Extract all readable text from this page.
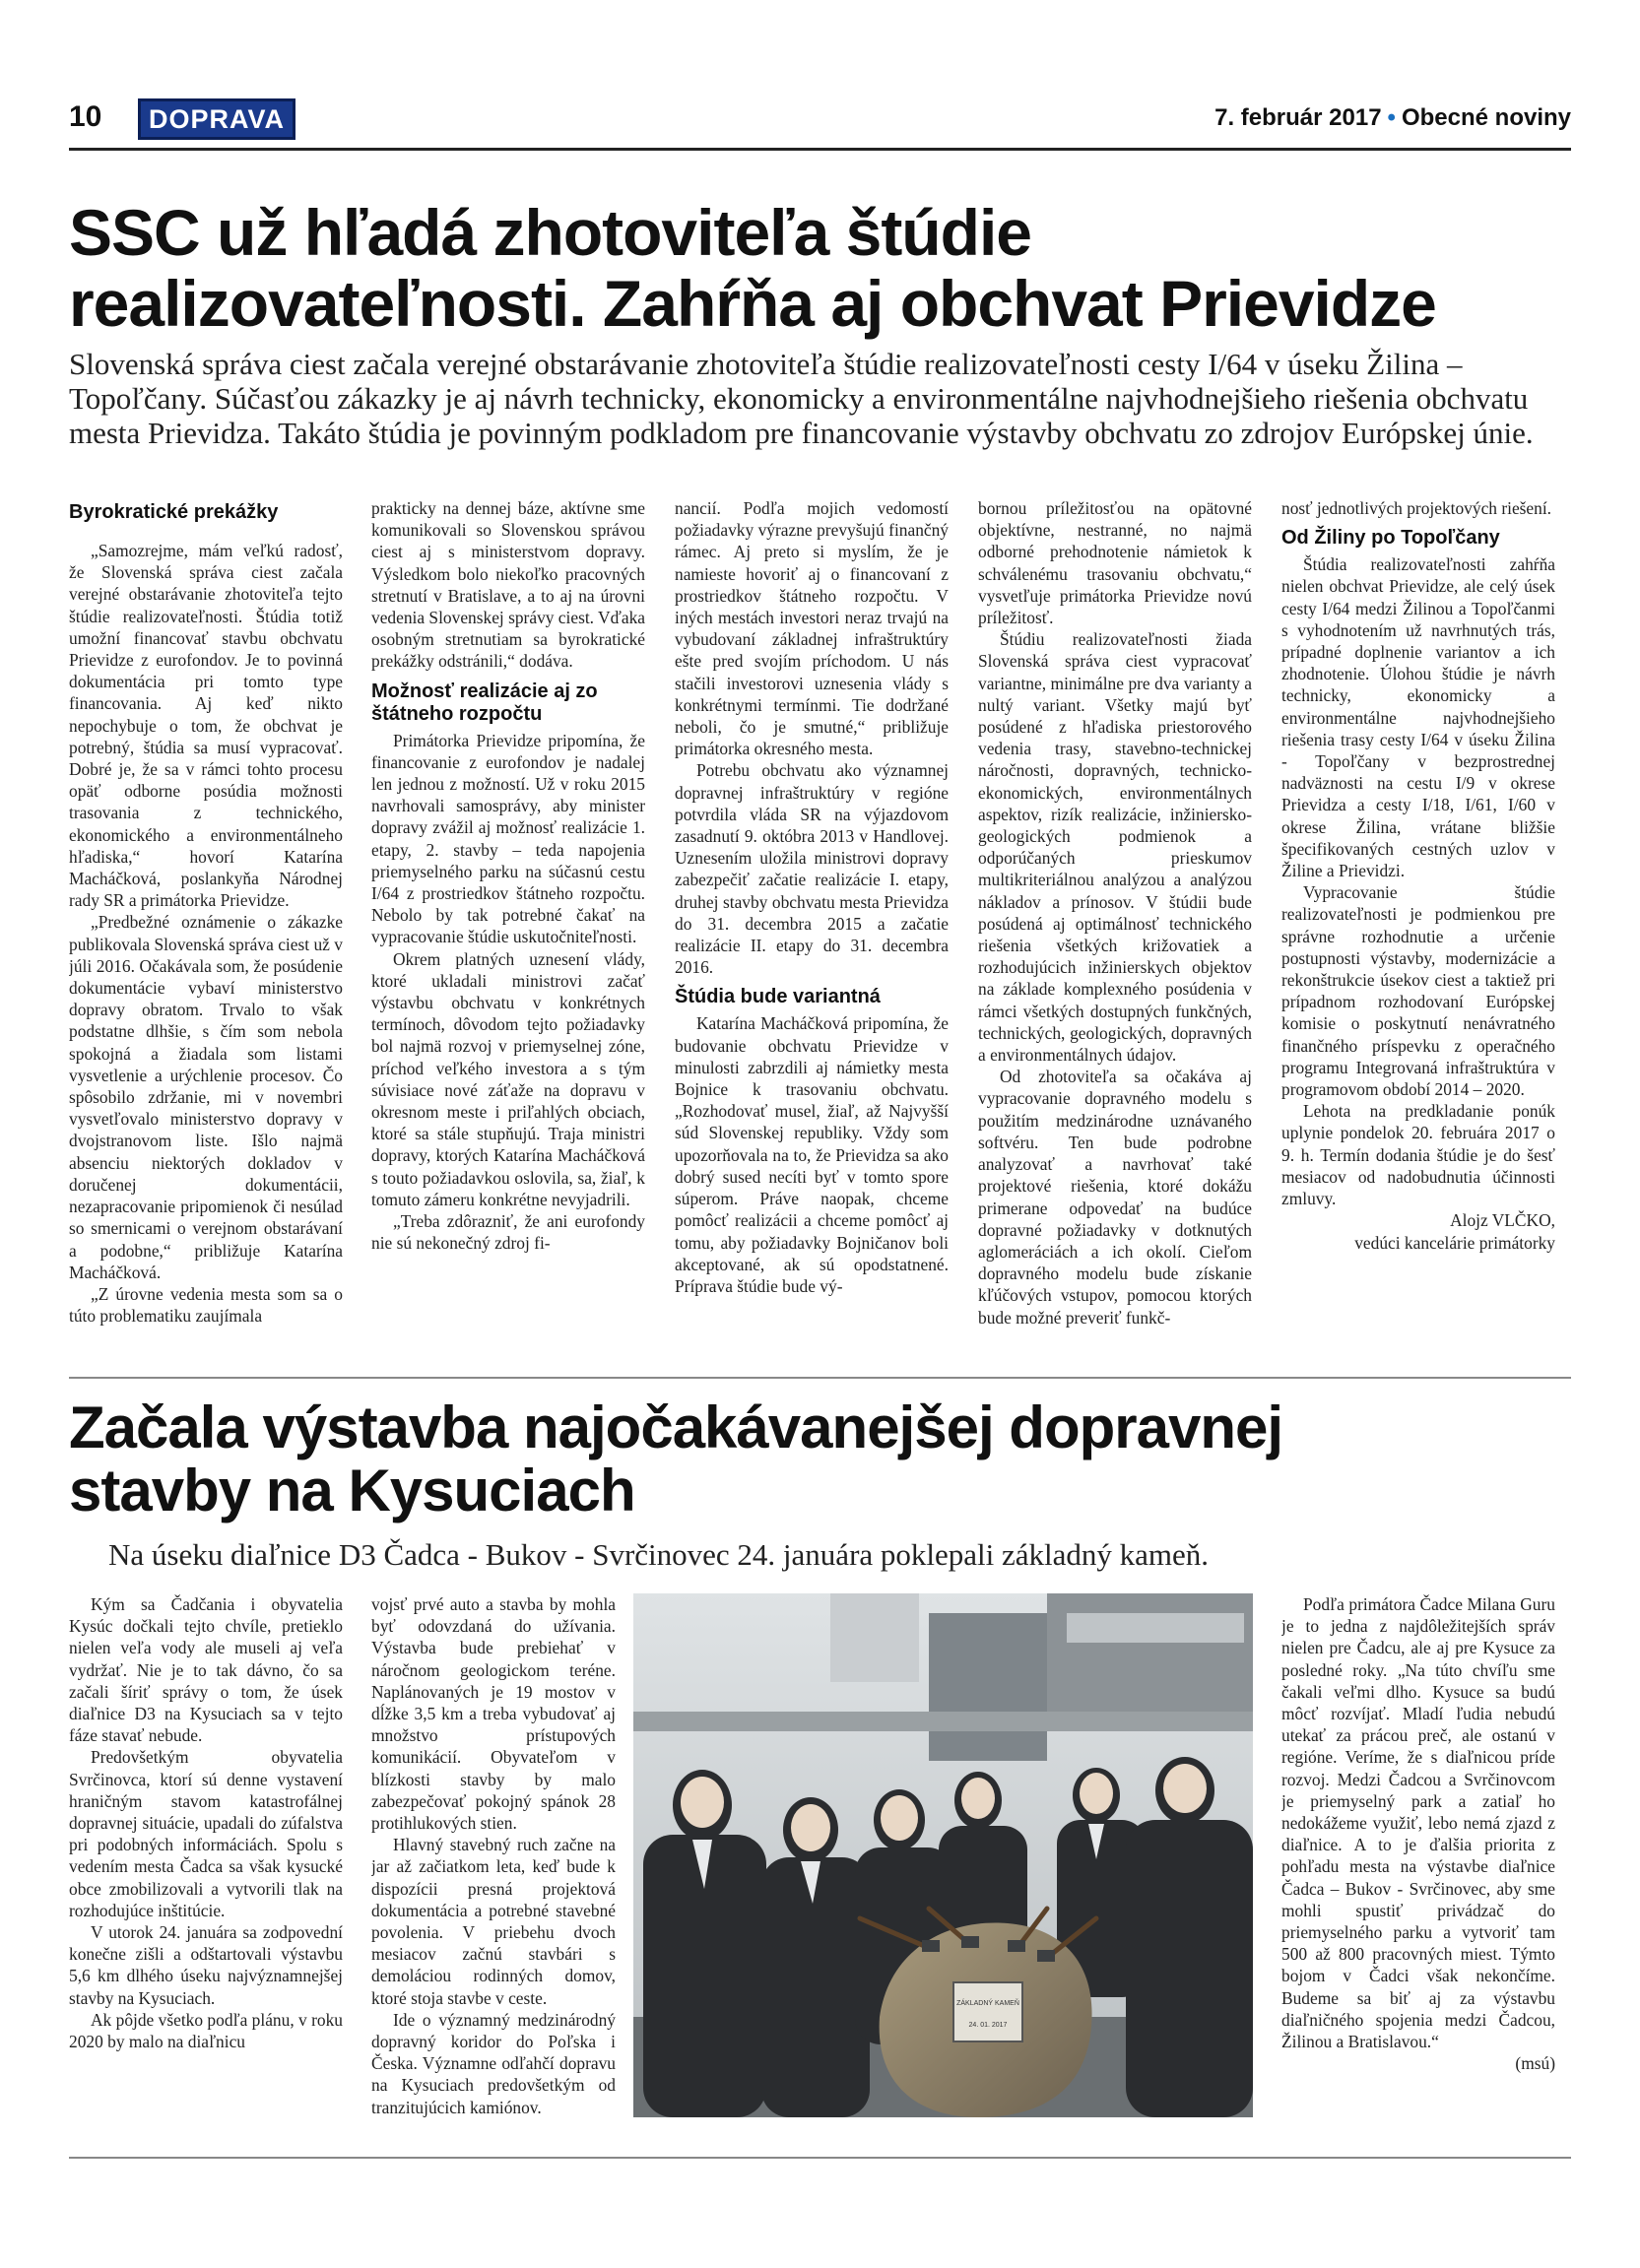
10	DOPRAVA	7. február 2017 • Obecné noviny
SSC už hľadá zhotoviteľa štúdie
realizovateľnosti. Zahŕňa aj obchvat Prievidze

Slovenská správa ciest začala verejné obstarávanie zhotoviteľa štúdie realizovateľnosti cesty I/64 v úseku Žilina – Topoľčany. Súčasťou zákazky je aj návrh technicky, ekonomicky a environmentálne najvhodnejšieho riešenia obchvatu mesta Prievidza. Takáto štúdia je povinným podkladom pre financovanie výstavby obchvatu zo zdrojov Európskej únie.

Byrokratické prekážky

„Samozrejme, mám veľkú radosť, že Slovenská správa ciest začala verejné obstarávanie zhotoviteľa tejto štúdie realizovateľnosti. Štúdia totiž umožní financovať stavbu obchvatu Prievidze z eurofondov. Je to povinná dokumentácia pri tomto type financovania. Aj keď nikto nepochybuje o tom, že obchvat je potrebný, štúdia sa musí vypracovať. Dobré je, že sa v rámci tohto procesu opäť odborne posúdia možnosti trasovania z technického, ekonomického a environmentálneho hľadiska,“ hovorí Katarína Macháčková, poslankyňa Národnej rady SR a primátorka Prievidze.

„Predbežné oznámenie o zákazke publikovala Slovenská správa ciest už v júli 2016. Očakávala som, že posúdenie dokumentácie vybaví ministerstvo dopravy obratom. Trvalo to však podstatne dlhšie, s čím som nebola spokojná a žiadala som listami vysvetlenie a urýchlenie procesov. Čo spôsobilo zdržanie, mi v novembri vysvetľovalo ministerstvo dopravy v dvojstranovom liste. Išlo najmä absenciu niektorých dokladov v doručenej dokumentácii, nezapracovanie pripomienok či nesúlad so smernicami o verejnom obstarávaní a podobne,“ približuje Katarína Macháčková.

„Z úrovne vedenia mesta som sa o túto problematiku zaujímala

prakticky na dennej báze, aktívne sme komunikovali so Slovenskou správou ciest aj s ministerstvom dopravy. Výsledkom bolo niekoľko pracovných stretnutí v Bratislave, a to aj na úrovni vedenia Slovenskej správy ciest. Vďaka osobným stretnutiam sa byrokratické prekážky odstránili,“ dodáva.

Možnosť realizácie aj zo štátneho rozpočtu

Primátorka Prievidze pripomína, že financovanie z eurofondov je nadalej len jednou z možností. Už v roku 2015 navrhovali samosprávy, aby minister dopravy zvážil aj možnosť realizácie 1. etapy, 2. stavby – teda napojenia priemyselného parku na súčasnú cestu I/64 z prostriedkov štátneho rozpočtu. Nebolo by tak potrebné čakať na vypracovanie štúdie uskutočniteľnosti.

Okrem platných uznesení vlády, ktoré ukladali ministrovi začať výstavbu obchvatu v konkrétnych termínoch, dôvodom tejto požiadavky bol najmä rozvoj v priemyselnej zóne, príchod veľkého investora a s tým súvisiace nové záťaže na dopravu v okresnom meste i priľahlých obciach, ktoré sa stále stupňujú. Traja ministri dopravy, ktorých Katarína Macháčková s touto požiadavkou oslovila, sa, žiaľ, k tomuto zámeru konkrétne nevyjadrili.

„Treba zdôrazniť, že ani eurofondy nie sú nekonečný zdroj fi-

nancií. Podľa mojich vedomostí požiadavky výrazne prevyšujú finančný rámec. Aj preto si myslím, že je namieste hovoriť aj o financovaní z prostriedkov štátneho rozpočtu. V iných mestách investori neraz trvajú na vybudovaní základnej infraštruktúry ešte pred svojím príchodom. U nás stačili investorovi uznesenia vlády s konkrétnymi termínmi. Tie dodržané neboli, čo je smutné,“ približuje primátorka okresného mesta.

Potrebu obchvatu ako významnej dopravnej infraštruktúry v regióne potvrdila vláda SR na výjazdovom zasadnutí 9. októbra 2013 v Handlovej. Uznesením uložila ministrovi dopravy zabezpečiť začatie realizácie I. etapy, druhej stavby obchvatu mesta Prievidza do 31. decembra 2015 a začatie realizácie II. etapy do 31. decembra 2016.

Štúdia bude variantná

Katarína Macháčková pripomína, že budovanie obchvatu Prievidze v minulosti zabrzdili aj námietky mesta Bojnice k trasovaniu obchvatu. „Rozhodovať musel, žiaľ, až Najvyšší súd Slovenskej republiky. Vždy som upozorňovala na to, že Prievidza sa ako dobrý sused necíti byť v tomto spore súperom. Práve naopak, chceme pomôcť realizácii a chceme pomôcť aj tomu, aby požiadavky Bojničanov boli akceptované, ak sú opodstatnené. Príprava štúdie bude vý-

bornou príležitosťou na opätovné objektívne, nestranné, no najmä odborné prehodnotenie námietok k schválenému trasovaniu obchvatu,“ vysvetľuje primátorka Prievidze novú príležitosť.

Štúdiu realizovateľnosti žiada Slovenská správa ciest vypracovať variantne, minimálne pre dva varianty a nultý variant. Všetky majú byť posúdené z hľadiska priestorového vedenia trasy, stavebno-technickej náročnosti, dopravných, technicko-ekonomických, environmentálnych aspektov, rizík realizácie, inžiniersko-geologických podmienok a odporúčaných prieskumov multikriteriálnou analýzou a analýzou nákladov a prínosov. V štúdii bude posúdená aj optimálnosť technického riešenia všetkých križovatiek a rozhodujúcich inžinierskych objektov na základe komplexného posúdenia v rámci všetkých dostupných funkčných, technických, geologických, dopravných a environmentálnych údajov.

Od zhotoviteľa sa očakáva aj vypracovanie dopravného modelu s použitím medzinárodne uznávaného softvéru. Ten bude podrobne analyzovať a navrhovať také projektové riešenia, ktoré dokážu primerane odpovedať na budúce dopravné požiadavky v dotknutých aglomeráciách a ich okolí. Cieľom dopravného modelu bude získanie kľúčových vstupov, pomocou ktorých bude možné preveriť funkč-

nosť jednotlivých projektových riešení.

Od Žiliny po Topoľčany

Štúdia realizovateľnosti zahŕňa nielen obchvat Prievidze, ale celý úsek cesty I/64 medzi Žilinou a Topoľčanmi s vyhodnotením už navrhnutých trás, prípadné doplnenie variantov a ich zhodnotenie. Úlohou štúdie je návrh technicky, ekonomicky a environmentálne najvhodnejšieho riešenia trasy cesty I/64 v úseku Žilina - Topoľčany v bezprostrednej nadväznosti na cestu I/9 v okrese Prievidza a cesty I/18, I/61, I/60 v okrese Žilina, vrátane bližšie špecifikovaných cestných uzlov v Žiline a Prievidzi.

Vypracovanie štúdie realizovateľnosti je podmienkou pre správne rozhodnutie a určenie postupnosti výstavby, modernizácie a rekonštrukcie úsekov ciest a taktiež pri prípadnom rozhodovaní Európskej komisie o poskytnutí nenávratného finančného príspevku z operačného programu Integrovaná infraštruktúra v programovom období 2014 – 2020.

Lehota na predkladanie ponúk uplynie pondelok 20. februára 2017 o 9. h. Termín dodania štúdie je do šesť mesiacov od nadobudnutia účinnosti zmluvy.

Alojz VLČKO,

vedúci kancelárie primátorky

Začala výstavba najočakávanejšej dopravnej
stavby na Kysuciach

Na úseku diaľnice D3 Čadca - Bukov - Svrčinovec 24. januára poklepali základný kameň.

Kým sa Čadčania i obyvatelia Kysúc dočkali tejto chvíle, pretieklo nielen veľa vody ale museli aj veľa vydržať. Nie je to tak dávno, čo sa začali šíriť správy o tom, že úsek diaľnice D3 na Kysuciach sa v tejto fáze stavať nebude.

Predovšetkým obyvatelia Svrčinovca, ktorí sú denne vystavení hraničným stavom katastrofálnej dopravnej situácie, upadali do zúfalstva pri podobných informáciách. Spolu s vedením mesta Čadca sa však kysucké obce zmobilizovali a vytvorili tlak na rozhodujúce inštitúcie.

V utorok 24. januára sa zodpovední konečne zišli a odštartovali výstavbu 5,6 km dlhého úseku najvýznamnejšej stavby na Kysuciach.

Ak pôjde všetko podľa plánu, v roku 2020 by malo na diaľnicu

vojsť prvé auto a stavba by mohla byť odovzdaná do užívania. Výstavba bude prebiehať v náročnom geologickom teréne. Naplánovaných je 19 mostov v dĺžke 3,5 km a treba vybudovať aj množstvo prístupových komunikácií. Obyvateľom v blízkosti stavby by malo zabezpečovať pokojný spánok 28 protihlukových stien.

Hlavný stavebný ruch začne na jar až začiatkom leta, keď bude k dispozícii presná projektová dokumentácia a potrebné stavebné povolenia. V priebehu dvoch mesiacov začnú stavbári s demoláciou rodinných domov, ktoré stoja stavbe v ceste.

Ide o významný medzinárodný dopravný koridor do Poľska i Česka. Významne odľahčí dopravu na Kysuciach predovšetkým od tranzitujúcich kamiónov.

ZÁKLADNÝ KAMEŇ
24. 01. 2017

Podľa primátora Čadce Milana Guru je to jedna z najdôležitejších správ nielen pre Čadcu, ale aj pre Kysuce za posledné roky. „Na túto chvíľu sme čakali veľmi dlho. Kysuce sa budú môcť rozvíjať. Mladí ľudia nebudú utekať za prácou preč, ale ostanú v regióne. Veríme, že s diaľnicou príde rozvoj. Medzi Čadcou a Svrčinovcom je priemyselný park a zatiaľ ho nedokážeme využiť, lebo nemá zjazd z diaľnice. A to je ďalšia priorita z pohľadu mesta na výstavbe diaľnice Čadca – Bukov - Svrčinovec, aby sme mohli spustiť privádzač do priemyselného parku a vytvoriť tam 500 až 800 pracovných miest. Týmto bojom v Čadci však nekončíme. Budeme sa biť aj za výstavbu diaľničného spojenia medzi Čadcou, Žilinou a Bratislavou.“

(msú)
